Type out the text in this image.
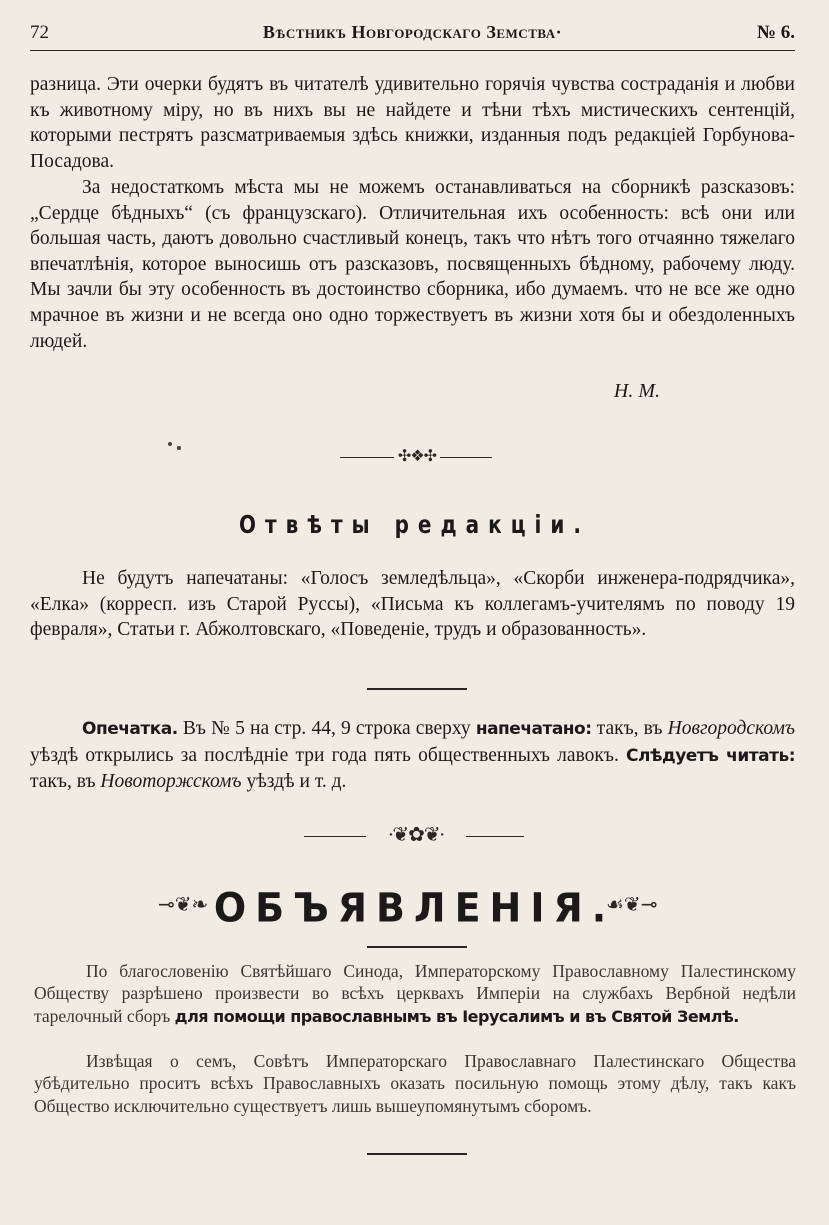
72	Вѣстникъ Новгородскаго Земства·	№ 6.

разница. Эти очерки будятъ въ читателѣ удивительно горячія чувства состраданія и любви къ животному міру, но въ нихъ вы не найдете и тѣни тѣхъ мистическихъ сентенцій, которыми пестрятъ разсматриваемыя здѣсь книжки, изданныя подъ редакціей Горбунова-Посадова.

За недостаткомъ мѣста мы не можемъ останавливаться на сборникѣ разсказовъ: „Сердце бѣдныхъ“ (съ французскаго). Отличительная ихъ особенность: всѣ они или большая часть, даютъ довольно счастливый конецъ, такъ что нѣтъ того отчаянно тяжелаго впечатлѣнія, которое выносишь отъ разсказовъ, посвященныхъ бѣдному, рабочему люду. Мы зачли бы эту особенность въ достоинство сборника, ибо думаемъ. что не все же одно мрачное въ жизни и не всегда оно одно торжествуетъ въ жизни хотя бы и обездоленныхъ людей.

Н. М.
✣❖✣
Отвѣты редакціи.

Не будутъ напечатаны: «Голосъ земледѣльца», «Скорби инженера-подрядчика», «Елка» (корресп. изъ Старой Руссы), «Письма къ коллегамъ-учителямъ по поводу 19 февраля», Статьи г. Абжолтовскаго, «Поведеніе, трудъ и образованность».

Опечатка. Въ № 5 на стр. 44, 9 строка сверху напечатано: такъ, въ Новгородскомъ уѣздѣ открылись за послѣдніе три года пять общественныхъ лавокъ. Слѣдуетъ читать: такъ, въ Новоторжскомъ уѣздѣ и т. д.

∙❦✿❦∙
⊸❦❧ ОБЪЯВЛЕНІЯ.
☙❦⊸

По благословенію Святѣйшаго Синода, Императорскому Православному Палестинскому Обществу разрѣшено произвести во всѣхъ церквахъ Имперіи на службахъ Вербной недѣли тарелочный сборъ для помощи православнымъ въ Іерусалимъ и въ Святой Землѣ.

Извѣщая о семъ, Совѣтъ Императорскаго Православнаго Палестинскаго Общества убѣдительно проситъ всѣхъ Православныхъ оказать посильную помощь этому дѣлу, такъ какъ Общество исключительно существуетъ лишь вышеупомянутымъ сборомъ.
